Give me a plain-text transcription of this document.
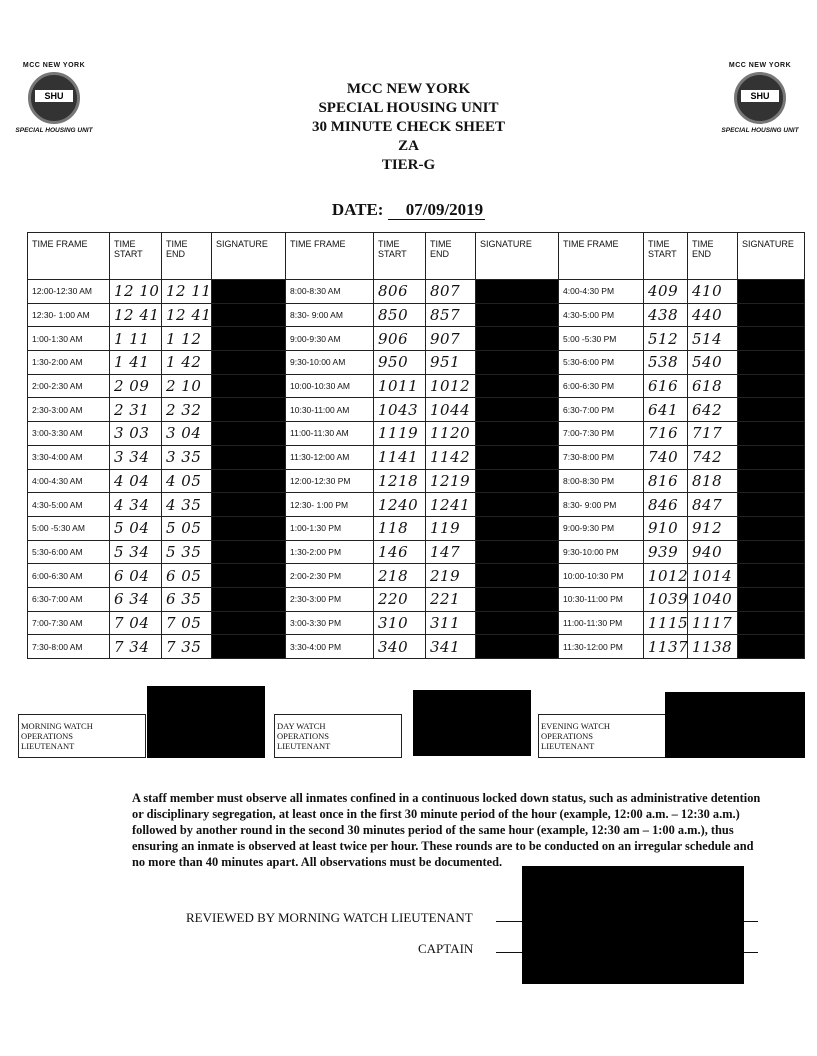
MCC NEW YORK
SHU
SPECIAL HOUSING UNIT
MCC NEW YORK
SHU
SPECIAL HOUSING UNIT
MCC NEW YORK
SPECIAL HOUSING UNIT
30 MINUTE CHECK SHEET
ZA
TIER-G
DATE: 07/09/2019
TIME FRAME	TIME START	TIME END	SIGNATURE	TIME FRAME	TIME START	TIME END	SIGNATURE	TIME FRAME	TIME START	TIME END	SIGNATURE
12:00-12:30 AM	12 10	12 11		8:00-8:30 AM	806	807		4:00-4:30 PM	409	410	
12:30- 1:00 AM	12 41	12 41		8:30- 9:00 AM	850	857		4:30-5:00 PM	438	440	
1:00-1:30 AM	1 11	1 12		9:00-9:30 AM	906	907		5:00 -5:30 PM	512	514	
1:30-2:00 AM	1 41	1 42		9:30-10:00 AM	950	951		5:30-6:00 PM	538	540	
2:00-2:30 AM	2 09	2 10		10:00-10:30 AM	1011	1012		6:00-6:30 PM	616	618	
2:30-3:00 AM	2 31	2 32		10:30-11:00 AM	1043	1044		6:30-7:00 PM	641	642	
3:00-3:30 AM	3 03	3 04		11:00-11:30 AM	1119	1120		7:00-7:30 PM	716	717	
3:30-4:00 AM	3 34	3 35		11:30-12:00 AM	1141	1142		7:30-8:00 PM	740	742	
4:00-4:30 AM	4 04	4 05		12:00-12:30 PM	1218	1219		8:00-8:30 PM	816	818	
4:30-5:00 AM	4 34	4 35		12:30- 1:00 PM	1240	1241		8:30- 9:00 PM	846	847	
5:00 -5:30 AM	5 04	5 05		1:00-1:30 PM	118	119		9:00-9:30 PM	910	912	
5:30-6:00 AM	5 34	5 35		1:30-2:00 PM	146	147		9:30-10:00 PM	939	940	
6:00-6:30 AM	6 04	6 05		2:00-2:30 PM	218	219		10:00-10:30 PM	1012	1014	
6:30-7:00 AM	6 34	6 35		2:30-3:00 PM	220	221		10:30-11:00 PM	1039	1040	
7:00-7:30 AM	7 04	7 05		3:00-3:30 PM	310	311		11:00-11:30 PM	1115	1117	
7:30-8:00 AM	7 34	7 35		3:30-4:00 PM	340	341		11:30-12:00 PM	1137	1138	
MORNING WATCH
OPERATIONS
LIEUTENANT
DAY WATCH
OPERATIONS
LIEUTENANT
EVENING WATCH
OPERATIONS
LIEUTENANT
A staff member must observe all inmates confined in a continuous locked down status, such as administrative detention or disciplinary segregation, at least once in the first 30 minute period of the hour (example, 12:00 a.m. – 12:30 a.m.) followed by another round in the second 30 minutes period of the same hour (example, 12:30 am – 1:00 a.m.), thus ensuring an inmate is observed at least twice per hour. These rounds are to be conducted on an irregular schedule and no more than 40 minutes apart. All observations must be documented.
REVIEWED BY MORNING WATCH LIEUTENANT
CAPTAIN
